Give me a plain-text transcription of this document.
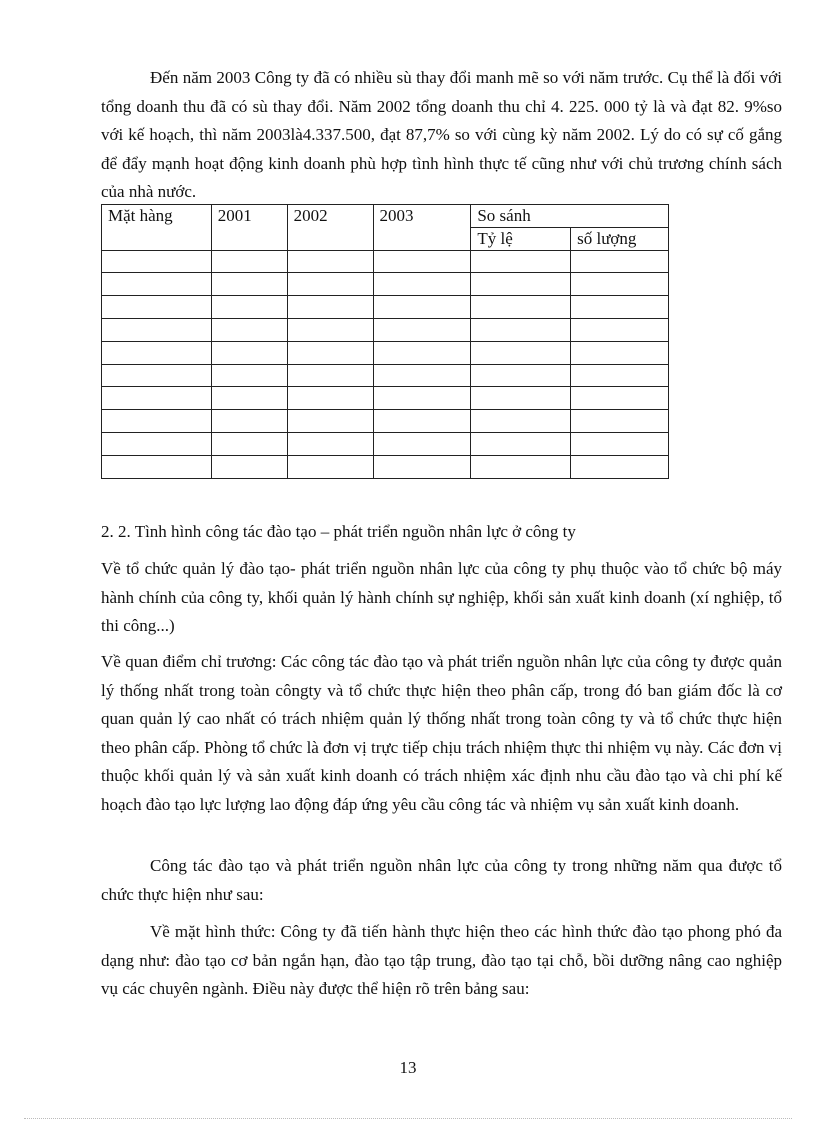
Đến năm 2003 Công ty đã có nhiều sù thay đổi manh mẽ so với năm trước. Cụ thể là đối với tổng doanh thu đã có sù thay đổi. Năm 2002 tổng doanh thu chỉ 4. 225. 000 tỷ là và đạt 82. 9%so với kế hoạch, thì năm 2003là4.337.500, đạt 87,7% so với cùng kỳ năm 2002. Lý do có sự cố gắng để đẩy mạnh hoạt động kinh doanh phù hợp tình hình thực tế cũng như với chủ trương chính sách của nhà nước.

Mặt hàng	2001	2002	2003	So sánh	
				Tỷ lệ	số lượng

2. 2. Tình hình công tác đào tạo – phát triển nguồn nhân lực ở công ty

Về tổ chức quản lý đào tạo- phát triển nguồn nhân lực của công ty phụ thuộc vào tổ chức bộ máy hành chính của công ty, khối quản lý hành chính sự nghiệp, khối sản xuất kinh doanh (xí nghiệp, tổ thi công...)

Về quan điểm chỉ trương: Các công tác đào tạo và phát triển nguồn nhân lực của công ty được quản lý thống nhất trong toàn côngty và tổ chức thực hiện theo phân cấp, trong đó ban giám đốc là cơ quan quản lý cao nhất có trách nhiệm quản lý thống nhất trong toàn công ty và tổ chức thực hiện theo phân cấp. Phòng tổ chức là đơn vị trực tiếp chịu trách nhiệm thực thi nhiệm vụ này. Các đơn vị thuộc khối quản lý và sản xuất kinh doanh có trách nhiệm xác định nhu cầu đào tạo và chi phí kế hoạch đào tạo lực lượng lao động đáp ứng yêu cầu công tác và nhiệm vụ sản xuất kinh doanh.

Công tác đào tạo và phát triển nguồn nhân lực của công ty trong những năm qua được tổ chức thực hiện như sau:

Về mặt hình thức: Công ty đã tiến hành thực hiện theo các hình thức đào tạo phong phó đa dạng như: đào tạo cơ bản ngắn hạn, đào tạo tập trung, đào tạo tại chỗ, bồi dưỡng nâng cao nghiệp vụ các chuyên ngành. Điều này được thể hiện rõ trên bảng sau:

13
